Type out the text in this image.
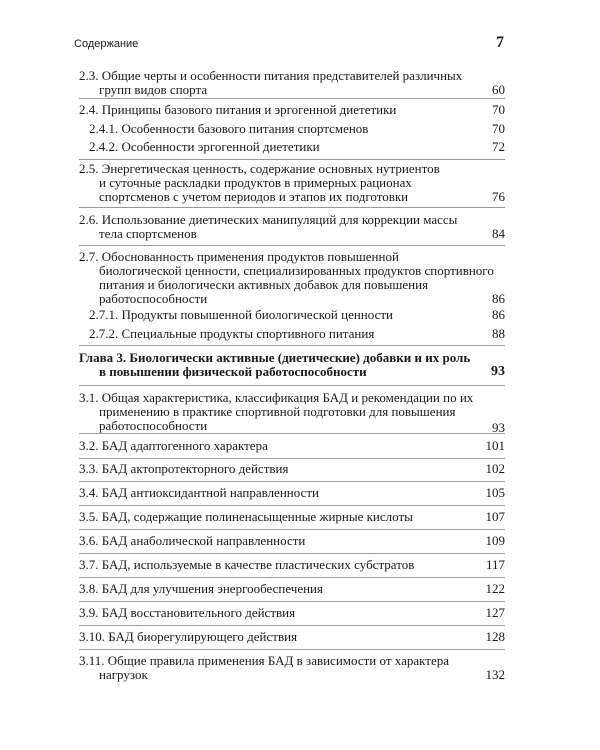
Содержание	7
2.3. Общие черты и особенности питания представителей различных
групп видов спорта	60
2.4. Принципы базового питания и эргогенной диететики	70
2.4.1. Особенности базового питания спортсменов	70
2.4.2. Особенности эргогенной диететики	72
2.5. Энергетическая ценность, содержание основных нутриентов
и суточные раскладки продуктов в примерных рационах
спортсменов с учетом периодов и этапов их подготовки	76
2.6. Использование диетических манипуляций для коррекции массы
тела спортсменов	84
2.7. Обоснованность применения продуктов повышенной
биологической ценности, специализированных продуктов спортивного
питания и биологически активных добавок для повышения
работоспособности	86
2.7.1. Продукты повышенной биологической ценности	86
2.7.2. Специальные продукты спортивного питания	88
Глава 3. Биологически активные (диетические) добавки и их роль
в повышении физической работоспособности	93
3.1. Общая характеристика, классификация БАД и рекомендации по их
применению в практике спортивной подготовки для повышения
работоспособности	93
3.2. БАД адаптогенного характера	101
3.3. БАД актопротекторного действия	102
3.4. БАД антиоксидантной направленности	105
3.5. БАД, содержащие полиненасыщенные жирные кислоты	107
3.6. БАД анаболической направленности	109
3.7. БАД, используемые в качестве пластических субстратов	117
3.8. БАД для улучшения энергообеспечения	122
3.9. БАД восстановительного действия	127
3.10. БАД биорегулирующего действия	128
3.11. Общие правила применения БАД в зависимости от характера
нагрузок	132
